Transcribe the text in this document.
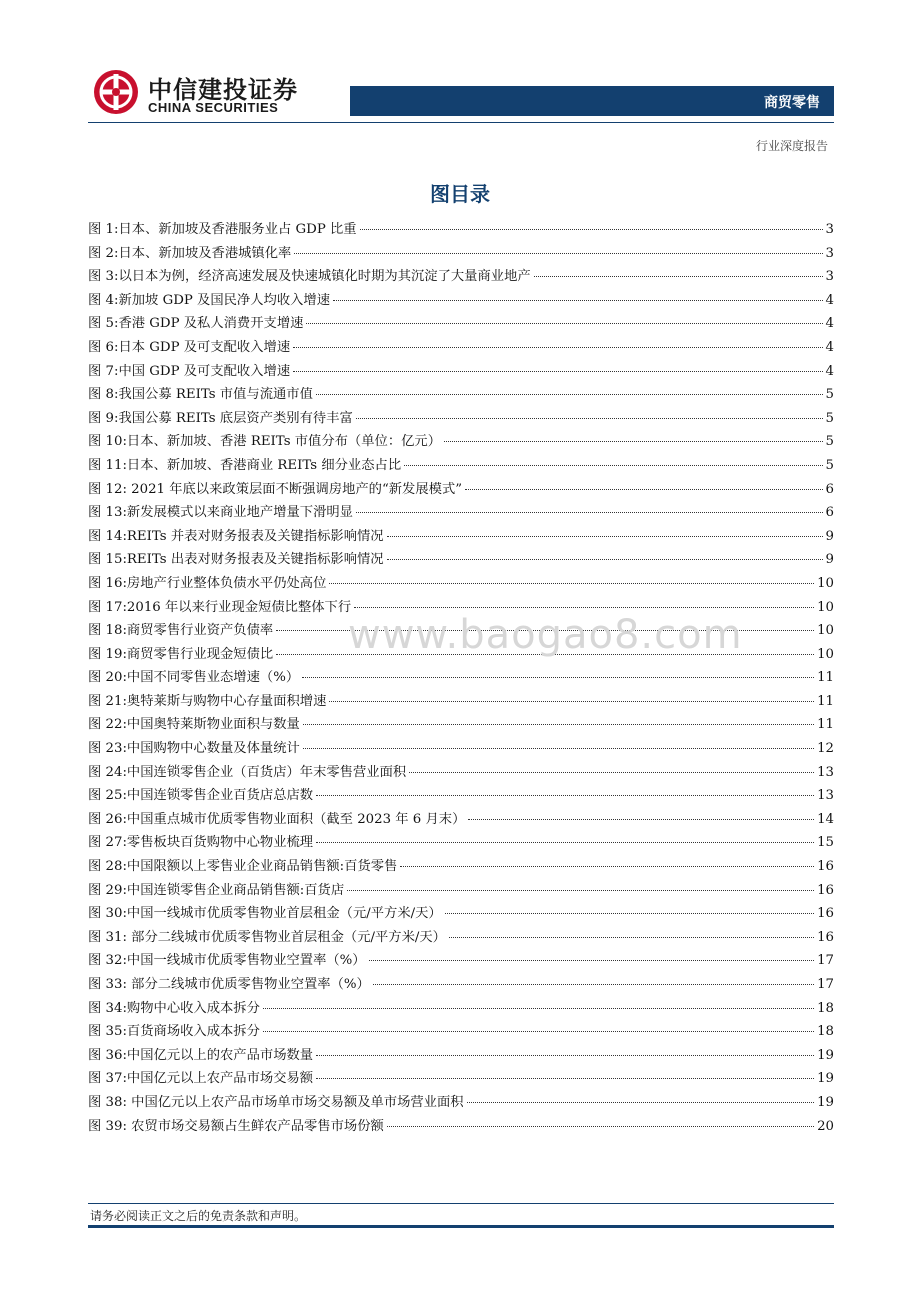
中信建投证券
CHINA SECURITIES	商贸零售
行业深度报告
图目录
图 1:日本、新加坡及香港服务业占 GDP 比重	3
图 2:日本、新加坡及香港城镇化率	3
图 3:以日本为例，经济高速发展及快速城镇化时期为其沉淀了大量商业地产	3
图 4:新加坡 GDP 及国民净人均收入增速	4
图 5:香港 GDP 及私人消费开支增速	4
图 6:日本 GDP 及可支配收入增速	4
图 7:中国 GDP 及可支配收入增速	4
图 8:我国公募 REITs 市值与流通市值	5
图 9:我国公募 REITs 底层资产类别有待丰富	5
图 10:日本、新加坡、香港 REITs 市值分布（单位：亿元）	5
图 11:日本、新加坡、香港商业 REITs 细分业态占比	5
图 12: 2021 年底以来政策层面不断强调房地产的“新发展模式”	6
图 13:新发展模式以来商业地产增量下滑明显	6
图 14:REITs 并表对财务报表及关键指标影响情况	9
图 15:REITs 出表对财务报表及关键指标影响情况	9
图 16:房地产行业整体负债水平仍处高位	10
图 17:2016 年以来行业现金短债比整体下行	10
图 18:商贸零售行业资产负债率	10
图 19:商贸零售行业现金短债比	10
图 20:中国不同零售业态增速（%）	11
图 21:奥特莱斯与购物中心存量面积增速	11
图 22:中国奥特莱斯物业面积与数量	11
图 23:中国购物中心数量及体量统计	12
图 24:中国连锁零售企业（百货店）年末零售营业面积	13
图 25:中国连锁零售企业百货店总店数	13
图 26:中国重点城市优质零售物业面积（截至 2023 年 6 月末）	14
图 27:零售板块百货购物中心物业梳理	15
图 28:中国限额以上零售业企业商品销售额:百货零售	16
图 29:中国连锁零售企业商品销售额:百货店	16
图 30:中国一线城市优质零售物业首层租金（元/平方米/天）	16
图 31: 部分二线城市优质零售物业首层租金（元/平方米/天）	16
图 32:中国一线城市优质零售物业空置率（%）	17
图 33: 部分二线城市优质零售物业空置率（%）	17
图 34:购物中心收入成本拆分	18
图 35:百货商场收入成本拆分	18
图 36:中国亿元以上的农产品市场数量	19
图 37:中国亿元以上农产品市场交易额	19
图 38: 中国亿元以上农产品市场单市场交易额及单市场营业面积	19
图 39: 农贸市场交易额占生鲜农产品零售市场份额	20
www.baogao8.com
请务必阅读正文之后的免责条款和声明。
